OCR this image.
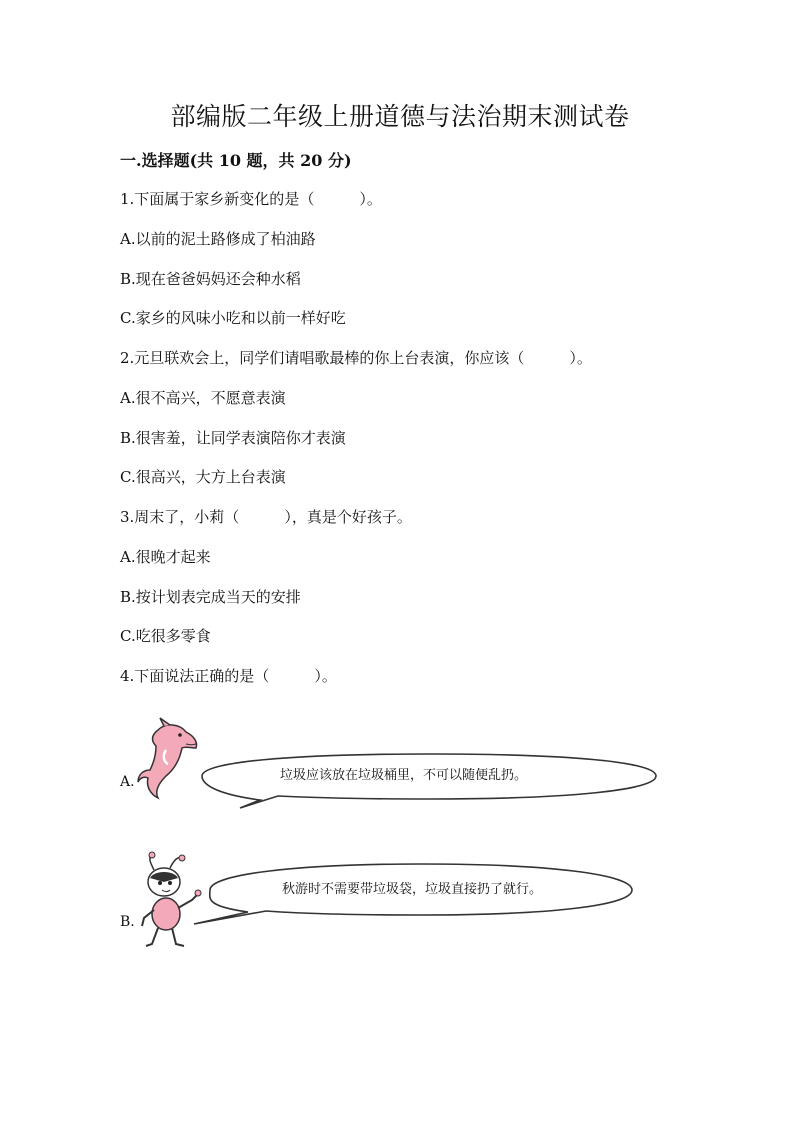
部编版二年级上册道德与法治期末测试卷
一.选择题(共 10 题，共 20 分)
1.下面属于家乡新变化的是（　　　）。
A.以前的泥土路修成了柏油路
B.现在爸爸妈妈还会种水稻
C.家乡的风味小吃和以前一样好吃
2.元旦联欢会上，同学们请唱歌最棒的你上台表演，你应该（　　　）。
A.很不高兴，不愿意表演
B.很害羞，让同学表演陪你才表演
C.很高兴，大方上台表演
3.周末了，小莉（　　　），真是个好孩子。
A.很晚才起来
B.按计划表完成当天的安排
C.吃很多零食
4.下面说法正确的是（　　　）。
A.	垃圾应该放在垃圾桶里，不可以随便乱扔。
B.
秋游时不需要带垃圾袋，垃圾直接扔了就行。
